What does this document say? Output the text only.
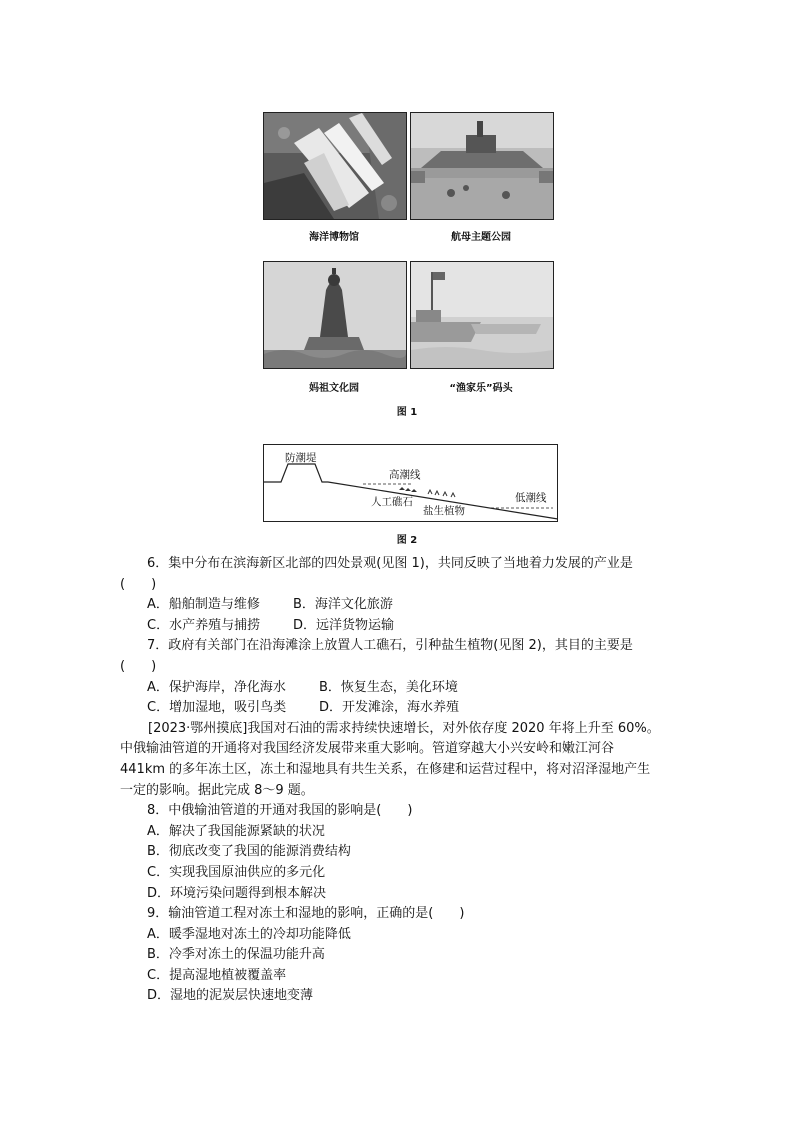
海洋博物馆	航母主题公园
妈祖文化园	“渔家乐”码头
图 1
防潮堤
高潮线
人工礁石
盐生植物
低潮线
图 2
6．集中分布在滨海新区北部的四处景观(见图 1)，共同反映了当地着力发展的产业是
(　　)
A．船舶制造与维修	B．海洋文化旅游
C．水产养殖与捕捞	D．远洋货物运输
7．政府有关部门在沿海滩涂上放置人工礁石，引种盐生植物(见图 2)，其目的主要是
(　　)
A．保护海岸，净化海水	B．恢复生态，美化环境
C．增加湿地，吸引鸟类	D．开发滩涂，海水养殖
[2023·鄂州摸底]我国对石油的需求持续快速增长，对外依存度 2020 年将上升至 60%。
中俄输油管道的开通将对我国经济发展带来重大影响。管道穿越大小兴安岭和嫩江河谷
441km 的多年冻土区，冻土和湿地具有共生关系，在修建和运营过程中，将对沼泽湿地产生
一定的影响。据此完成 8～9 题。
8．中俄输油管道的开通对我国的影响是(　　)
A．解决了我国能源紧缺的状况
B．彻底改变了我国的能源消费结构
C．实现我国原油供应的多元化
D．环境污染问题得到根本解决
9．输油管道工程对冻土和湿地的影响，正确的是(　　)
A．暖季湿地对冻土的冷却功能降低
B．冷季对冻土的保温功能升高
C．提高湿地植被覆盖率
D．湿地的泥炭层快速地变薄
